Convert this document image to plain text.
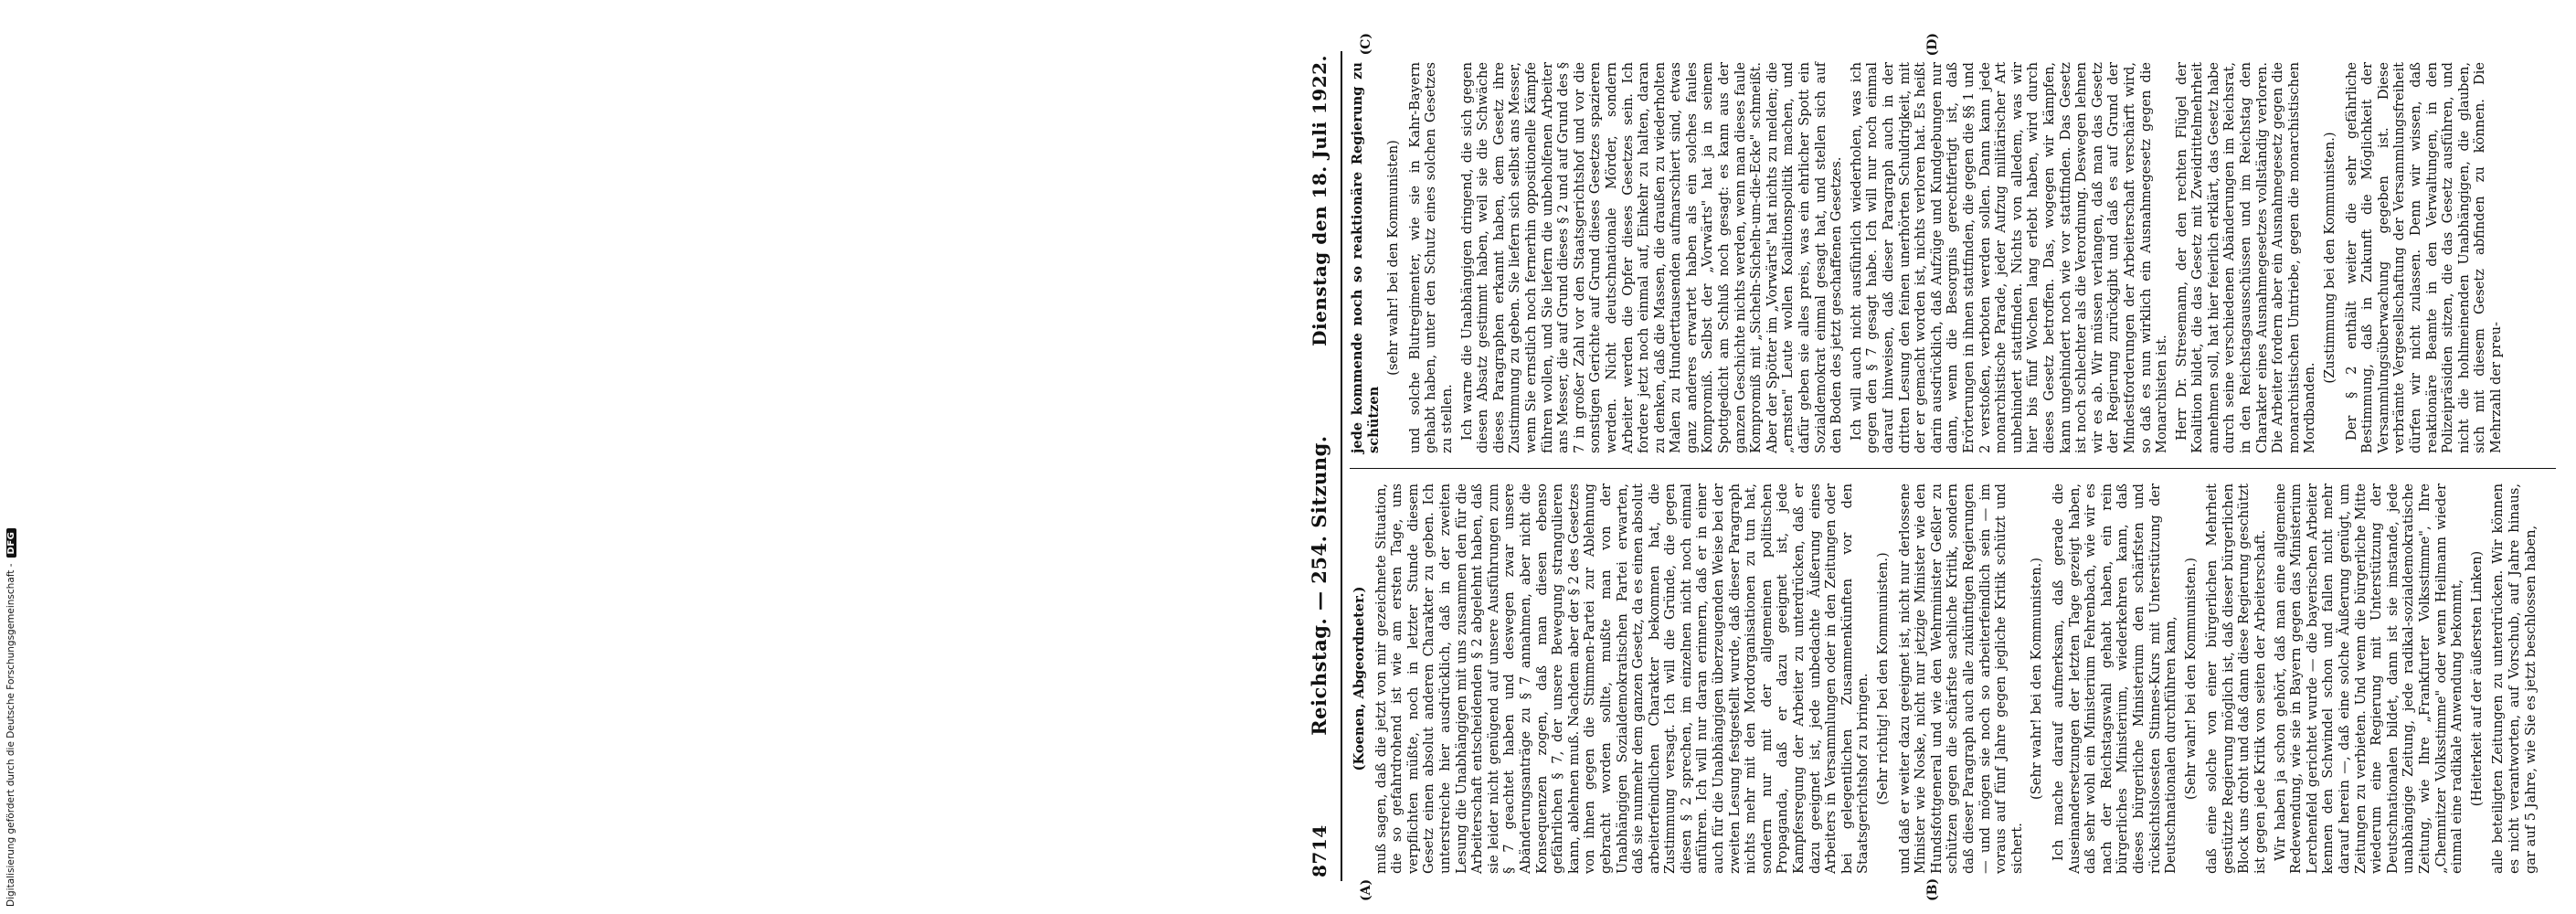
8714
Reichstag. — 254. Sitzung.
Dienstag den 18. Juli 1922.
(A)	(B)

(Koenen, Abgeordneter.) muß sagen, daß die jetzt von mir gezeichnete Situation, die so gefahrdrohend ist wie am ersten Tage, uns verpflichten müßte, noch in letzter Stunde diesem Gesetz einen absolut anderen Charakter zu geben. Ich unterstreiche hier ausdrücklich, daß in der zweiten Lesung die Unabhängigen mit uns zusammen den für die Arbeiterschaft entscheidenden § 2 abgelehnt haben, daß sie leider nicht genügend auf unsere Ausführungen zum § 7 geachtet haben und deswegen zwar unsere Abänderungsanträge zu § 7 annahmen, aber nicht die Konsequenzen zogen, daß man diesen ebenso gefährlichen § 7, der unsere Bewegung strangulieren kann, ablehnen muß. Nachdem aber der § 2 des Gesetzes von ihnen gegen die Stimmen-Partei zur Ablehnung gebracht worden sollte, mußte man von der Unabhängigen Sozialdemokratischen Partei erwarten, daß sie nunmehr dem ganzen Gesetz, da es einen absolut arbeiterfeindlichen Charakter bekommen hat, die Zustimmung versagt. Ich will die Gründe, die gegen diesen § 2 sprechen, im einzelnen nicht noch einmal anführen. Ich will nur daran erinnern, daß er in einer auch für die Unabhängigen überzeugenden Weise bei der zweiten Lesung festgestellt wurde, daß dieser Paragraph nichts mehr mit den Mordorganisationen zu tun hat, sondern nur mit der allgemeinen politischen Propaganda, daß er dazu geeignet ist, jede Kampfesregung der Arbeiter zu unterdrücken, daß er dazu geeignet ist, jede unbedachte Äußerung eines Arbeiters in Versammlungen oder in den Zeitungen oder bei gelegentlichen Zusammenkünften vor den Staatsgerichtshof zu bringen. (Sehr richtig! bei den Kommunisten.) und daß er weiter dazu geeignet ist, nicht nur derlossene Minister wie Noske, nicht nur jetzige Minister wie den Hundsfottgeneral und wie den Wehrminister Geßler zu schützen gegen die schärfste sachliche Kritik, sondern daß dieser Paragraph auch alle zukünftigen Regierungen — und mögen sie noch so arbeiterfeindlich sein — im voraus auf fünf Jahre gegen jegliche Kritik schützt und sichert.

(Sehr wahr! bei den Kommunisten.) Ich mache darauf aufmerksam, daß gerade die Auseinandersetzungen der letzten Tage gezeigt haben, daß sehr wohl ein Ministerium Fehrenbach, wie wir es nach der Reichstagswahl gehabt haben, ein rein bürgerliches Ministerium, wiederkehren kann, daß dieses bürgerliche Ministerium den schärfsten und rücksichtslosesten Stinnes-Kurs mit Unterstützung der Deutschnationalen durchführen kann, (Sehr wahr! bei den Kommunisten.) daß eine solche von einer bürgerlichen Mehrheit gestützte Regierung möglich ist, daß dieser bürgerlichen Block uns droht und daß dann diese Regierung geschützt ist gegen jede Kritik von seiten der Arbeiterschaft. Wir haben ja schon gehört, daß man eine allgemeine Redewendung, wie sie in Bayern gegen das Ministerium Lerchenfeld gerichtet wurde — die bayerischen Arbeiter kennen den Schwindel schon und fallen nicht mehr darauf herein —, daß eine solche Äußerung genügt, um Zeitungen zu verbieten. Und wenn die bürgerliche Mitte wiederum eine Regierung mit Unterstützung der Deutschnationalen bildet, dann ist sie imstande, jede unabhängige Zeitung, jede radikal-sozialdemokratische Zeitung, wie Ihre „Frankfurter Volksstimme", Ihre „Chemnitzer Volksstimme" oder wenn Heilmann wieder einmal eine radikale Anwendung bekommt, (Heiterkeit auf der äußersten Linken) alle beteiligten Zeitungen zu unterdrücken. Wir können es nicht verantworten, auf Vorschub, auf Jahre hinaus, gar auf 5 Jahre, wie Sie es jetzt beschlossen haben,

(C)	(D)

jede kommende noch so reaktionäre Regierung zu schützen

(sehr wahr! bei den Kommunisten) und solche Blutregimenter, wie sie in Kahr-Bayern gehabt haben, unter den Schutz eines solchen Gesetzes zu stellen. Ich warne die Unabhängigen dringend, die sich gegen diesen Absatz gestimmt haben, weil sie die Schwäche dieses Paragraphen erkannt haben, dem Gesetz ihre Zustimmung zu geben. Sie liefern sich selbst ans Messer, wenn Sie ernstlich noch fernerhin oppositionelle Kämpfe führen wollen, und Sie liefern die unbeholfenen Arbeiter ans Messer, die auf Grund dieses § 2 und auf Grund des § 7 in großer Zahl vor den Staatsgerichtshof und vor die sonstigen Gerichte auf Grund dieses Gesetzes spazieren werden. Nicht deutschnationale Mörder, sondern Arbeiter werden die Opfer dieses Gesetzes sein. Ich fordere jetzt noch einmal auf, Einkehr zu halten, daran zu denken, daß die Massen, die draußen zu wiederholten Malen zu Hunderttausenden aufmarschiert sind, etwas ganz anderes erwartet haben als ein solches faules Kompromiß. Selbst der „Vorwärts" hat ja in seinem Spottgedicht am Schluß noch gesagt: es kann aus der ganzen Geschichte nichts werden, wenn man dieses faule Kompromiß mit „Sicheln-Sicheln-um-die-Ecke" schmeißt. Aber der Spötter im „Vorwärts" hat nichts zu melden; die „ernsten" Leute wollen Koalitionspolitik machen, und dafür geben sie alles preis, was ein ehrlicher Spott ein Sozialdemokrat einmal gesagt hat, und stellen sich auf den Boden des jetzt geschaffenen Gesetzes. Ich will auch nicht ausführlich wiederholen, was ich gegen den § 7 gesagt habe. Ich will nur noch einmal darauf hinweisen, daß dieser Paragraph auch in der dritten Lesung den feinen unerhörten Schuldrigkeit, mit der er gemacht worden ist, nichts verloren hat. Es heißt darin ausdrücklich, daß Aufzüge und Kundgebungen nur dann, wenn die Besorgnis gerechtfertigt ist, daß Erörterungen in ihnen stattfinden, die gegen die §§ 1 und 2 verstoßen, verboten werden sollen. Dann kann jede monarchistische Parade, jeder Aufzug militärischer Art unbehindert stattfinden. Nichts von alledem, was wir hier bis fünf Wochen lang erlebt haben, wird durch dieses Gesetz betroffen. Das, wogegen wir kämpfen, kann ungehindert noch wie vor stattfinden. Das Gesetz ist noch schlechter als die Verordnung. Deswegen lehnen wir es ab. Wir müssen verlangen, daß man das Gesetz der Regierung zurückgibt und daß es auf Grund der Mindestforderungen der Arbeiterschaft verschärft wird, so daß es nun wirklich ein Ausnahmegesetz gegen die Monarchisten ist. Herr Dr. Stresemann, der den rechten Flügel der Koalition bildet, die das Gesetz mit Zweidrittelmehrheit annehmen soll, hat hier feierlich erklärt, das Gesetz habe durch seine verschiedenen Abänderungen im Reichsrat, in den Reichstagsausschüssen und im Reichstag den Charakter eines Ausnahmegesetzes vollständig verloren. Die Arbeiter fordern aber ein Ausnahmegesetz gegen die monarchistischen Umtriebe, gegen die monarchistischen Mordbanden.

(Zustimmung bei den Kommunisten.) Der § 2 enthält weiter die sehr gefährliche Bestimmung, daß in Zukunft die Möglichkeit der Versammlungsüberwachung gegeben ist. Diese verbrämte Vergesellschaftung der Versammlungsfreiheit dürfen wir nicht zulassen. Denn wir wissen, daß reaktionäre Beamte in den Verwaltungen, in den Polizeipräsidien sitzen, die das Gesetz ausführen, und nicht die hohlmeinenden Unabhängigen, die glauben, sich mit diesem Gesetz abfinden zu können. Die Mehrzahl der preu-

Digitalisierung gefördert durch die Deutsche Forschungsgemeinschaft -
DFG
